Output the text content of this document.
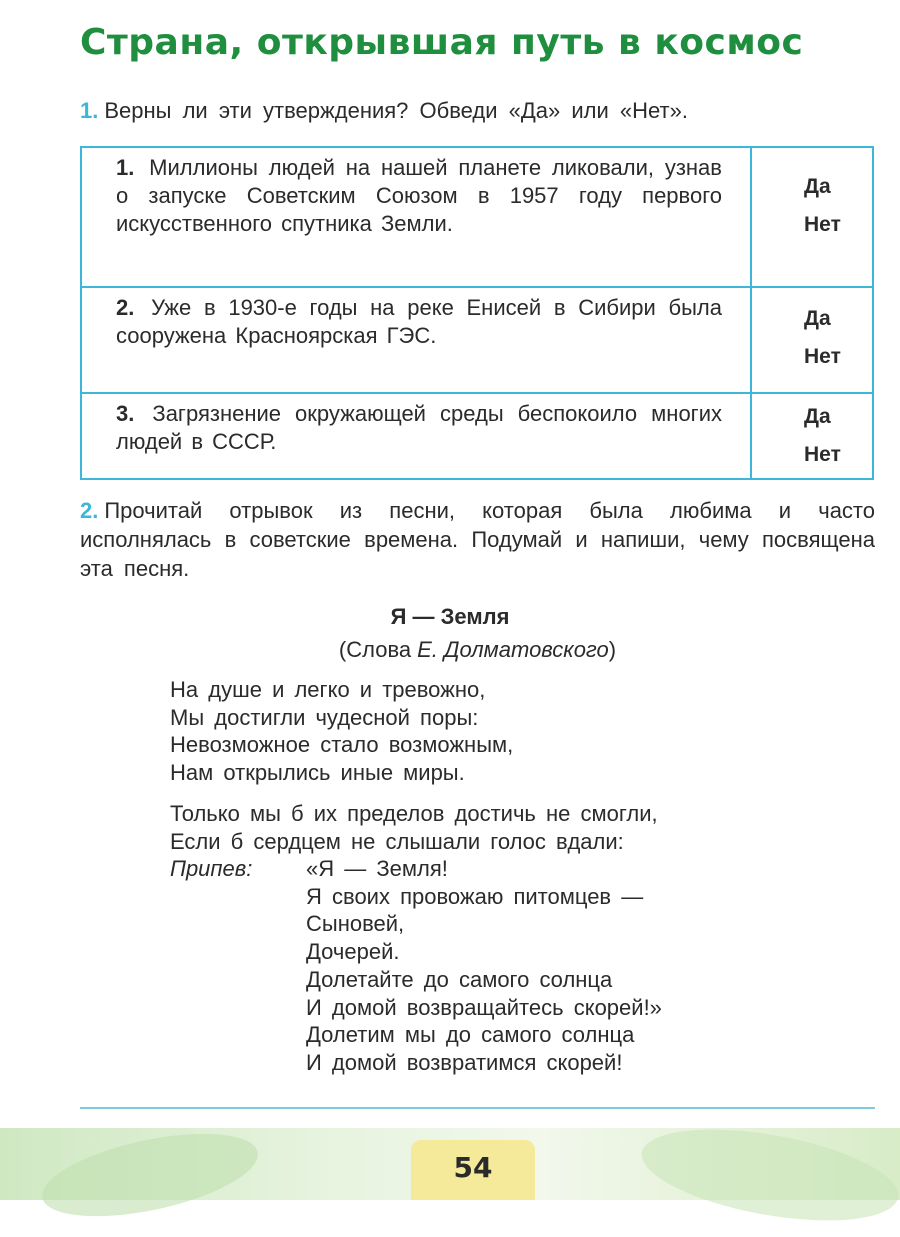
Страна, открывшая путь в космос
1. Верны ли эти утверждения? Обведи «Да» или «Нет».
1. Миллионы людей на нашей планете ликовали, узнав о запуске Советским Союзом в 1957 году первого искусственного спутника Земли.	Да
Нет

2. Уже в 1930-е годы на реке Енисей в Сибири была сооружена Красноярская ГЭС.	Да
Нет

3. Загрязнение окружающей среды беспокоило многих людей в СССР.	Да
Нет
2. Прочитай отрывок из песни, которая была любима и часто исполнялась в советские времена. Подумай и напиши, чему посвящена эта песня.
Я — Земля
(Слова Е. Долматовского)
На душе и легко и тревожно,
Мы достигли чудесной поры:
Невозможное стало возможным,
Нам открылись иные миры.
Только мы б их пределов достичь не смогли,
Если б сердцем не слышали голос вдали:
Припев: «Я — Земля!
Я своих провожаю питомцев —
Сыновей,
Дочерей.
Долетайте до самого солнца
И домой возвращайтесь скорей!»
Долетим мы до самого солнца
И домой возвратимся скорей!
54
